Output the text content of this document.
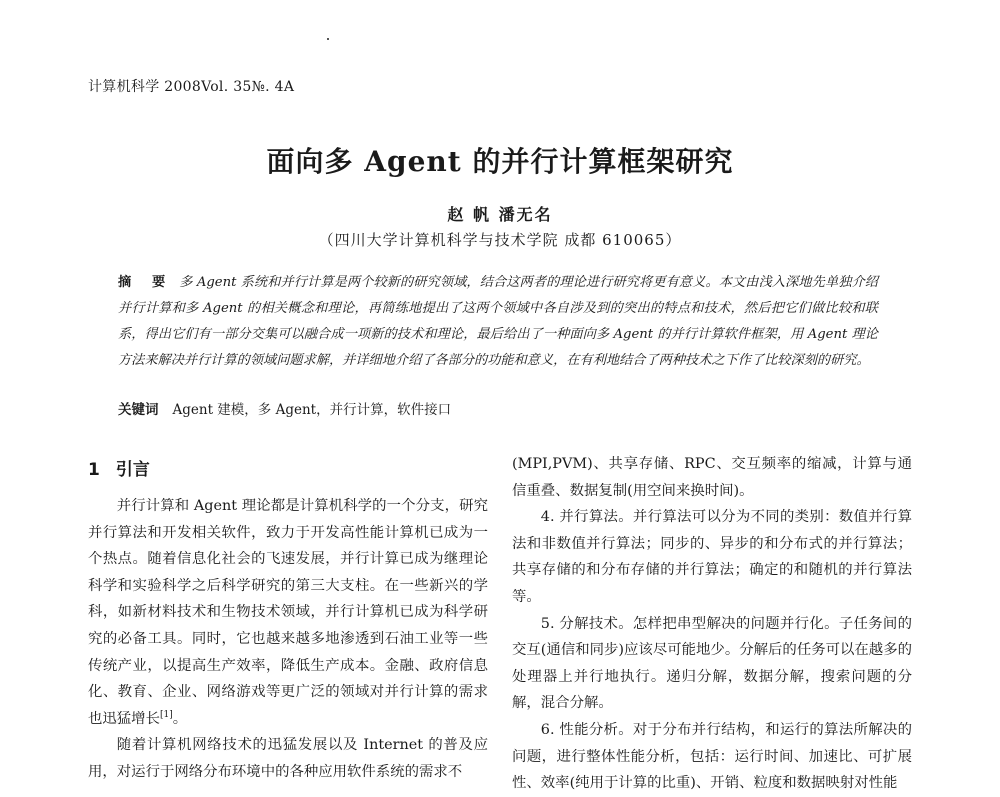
计算机科学 2008Vol. 35№. 4A
面向多 Agent 的并行计算框架研究
赵 帆 潘无名
（四川大学计算机科学与技术学院 成都 610065）
摘 要 多 Agent 系统和并行计算是两个较新的研究领域，结合这两者的理论进行研究将更有意义。本文由浅入深地先单独介绍并行计算和多 Agent 的相关概念和理论，再简练地提出了这两个领域中各自涉及到的突出的特点和技术，然后把它们做比较和联系，得出它们有一部分交集可以融合成一项新的技术和理论，最后给出了一种面向多 Agent 的并行计算软件框架，用 Agent 理论方法来解决并行计算的领域问题求解，并详细地介绍了各部分的功能和意义，在有利地结合了两种技术之下作了比较深刻的研究。
关键词 Agent 建模，多 Agent，并行计算，软件接口
1 引言

并行计算和 Agent 理论都是计算机科学的一个分支，研究并行算法和开发相关软件，致力于开发高性能计算机已成为一个热点。随着信息化社会的飞速发展，并行计算已成为继理论科学和实验科学之后科学研究的第三大支柱。在一些新兴的学科，如新材料技术和生物技术领域，并行计算机已成为科学研究的必备工具。同时，它也越来越多地渗透到石油工业等一些传统产业，以提高生产效率，降低生产成本。金融、政府信息化、教育、企业、网络游戏等更广泛的领域对并行计算的需求也迅猛增长[1]。

随着计算机网络技术的迅猛发展以及 Internet 的普及应用，对运行于网络分布环境中的各种应用软件系统的需求不

(MPI,PVM)、共享存储、RPC、交互频率的缩减，计算与通信重叠、数据复制(用空间来换时间)。

4. 并行算法。并行算法可以分为不同的类别：数值并行算法和非数值并行算法；同步的、异步的和分布式的并行算法；共享存储的和分布存储的并行算法；确定的和随机的并行算法等。

5. 分解技术。怎样把串型解决的问题并行化。子任务间的交互(通信和同步)应该尽可能地少。分解后的任务可以在越多的处理器上并行地执行。递归分解，数据分解，搜索问题的分解，混合分解。

6. 性能分析。对于分布并行结构，和运行的算法所解决的问题，进行整体性能分析，包括：运行时间、加速比、可扩展性、效率(纯用于计算的比重)、开销、粒度和数据映射对性能
